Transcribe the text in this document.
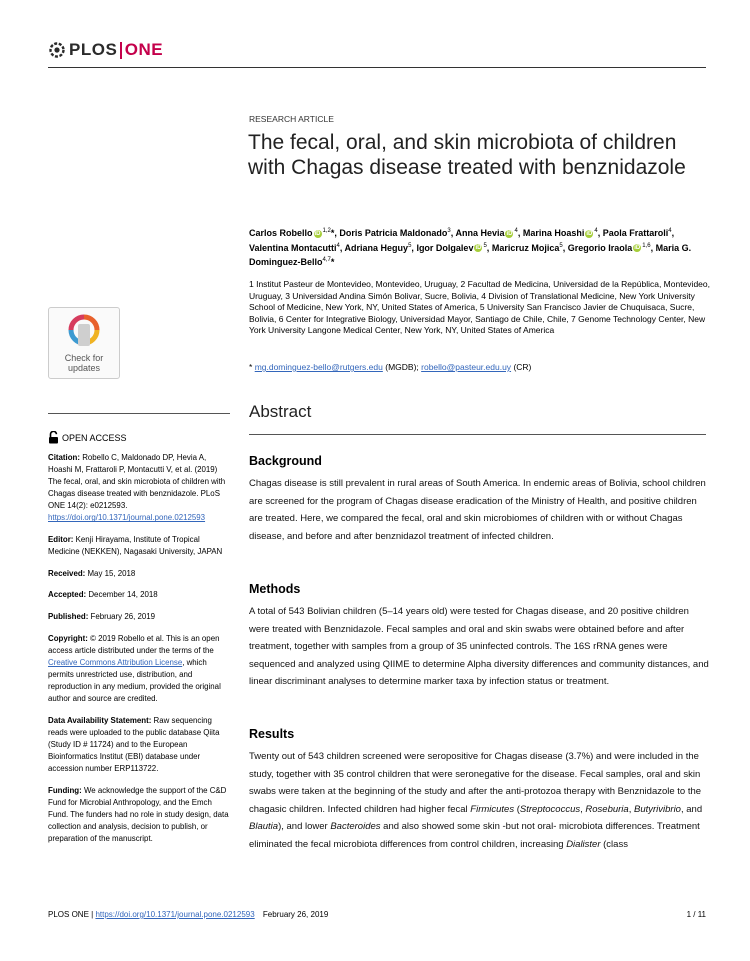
PLOS ONE
RESEARCH ARTICLE
The fecal, oral, and skin microbiota of children with Chagas disease treated with benznidazole
Carlos Robello iD $^{1,2}$*, Doris Patricia Maldonado$^3$, Anna Hevia iD $^4$, Marina Hoashi iD $^4$, Paola Frattaroli$^4$, Valentina Montacutti$^4$, Adriana Heguy$^5$, Igor Dolgalev iD $^5$, Maricruz Mojica$^5$, Gregorio Iraola iD $^{1,6}$, Maria G. Dominguez-Bello$^{4,7}$*
1 Institut Pasteur de Montevideo, Montevideo, Uruguay, 2 Facultad de Medicina, Universidad de la República, Montevideo, Uruguay, 3 Universidad Andina Simón Bolivar, Sucre, Bolivia, 4 Division of Translational Medicine, New York University School of Medicine, New York, NY, United States of America, 5 University San Francisco Javier de Chuquisaca, Sucre, Bolivia, 6 Center for Integrative Biology, Universidad Mayor, Santiago de Chile, Chile, 7 Genome Technology Center, New York University Langone Medical Center, New York, NY, United States of America
* mg.dominguez-bello@rutgers.edu (MGDB); robello@pasteur.edu.uy (CR)
Check for
updates
OPEN ACCESS

Citation: Robello C, Maldonado DP, Hevia A, Hoashi M, Frattaroli P, Montacutti V, et al. (2019) The fecal, oral, and skin microbiota of children with Chagas disease treated with benznidazole. PLoS ONE 14(2): e0212593. https://doi.org/10.1371/journal.pone.0212593

Editor: Kenji Hirayama, Institute of Tropical Medicine (NEKKEN), Nagasaki University, JAPAN

Received: May 15, 2018

Accepted: December 14, 2018

Published: February 26, 2019

Copyright: © 2019 Robello et al. This is an open access article distributed under the terms of the Creative Commons Attribution License, which permits unrestricted use, distribution, and reproduction in any medium, provided the original author and source are credited.

Data Availability Statement: Raw sequencing reads were uploaded to the public database Qiita (Study ID # 11724) and to the European Bioinformatics Institut (EBI) database under accession number ERP113722.

Funding: We acknowledge the support of the C&D Fund for Microbial Anthropology, and the Emch Fund. The funders had no role in study design, data collection and analysis, decision to publish, or preparation of the manuscript.

Abstract
Background

Chagas disease is still prevalent in rural areas of South America. In endemic areas of Bolivia, school children are screened for the program of Chagas disease eradication of the Ministry of Health, and positive children are treated. Here, we compared the fecal, oral and skin microbiomes of children with or without Chagas disease, and before and after benznidazol treatment of infected children.

Methods

A total of 543 Bolivian children (5–14 years old) were tested for Chagas disease, and 20 positive children were treated with Benznidazole. Fecal samples and oral and skin swabs were obtained before and after treatment, together with samples from a group of 35 uninfected controls. The 16S rRNA genes were sequenced and analyzed using QIIME to determine Alpha diversity differences and community distances, and linear discriminant analyses to determine marker taxa by infection status or treatment.

Results

Twenty out of 543 children screened were seropositive for Chagas disease (3.7%) and were included in the study, together with 35 control children that were seronegative for the disease. Fecal samples, oral and skin swabs were taken at the beginning of the study and after the anti-protozoa therapy with Benznidazole to the chagasic children. Infected children had higher fecal Firmicutes (Streptococcus, Roseburia, Butyrivibrio, and Blautia), and lower Bacteroides and also showed some skin -but not oral- microbiota differences. Treatment eliminated the fecal microbiota differences from control children, increasing Dialister (class

PLOS ONE | https://doi.org/10.1371/journal.pone.0212593 February 26, 2019	1 / 11
